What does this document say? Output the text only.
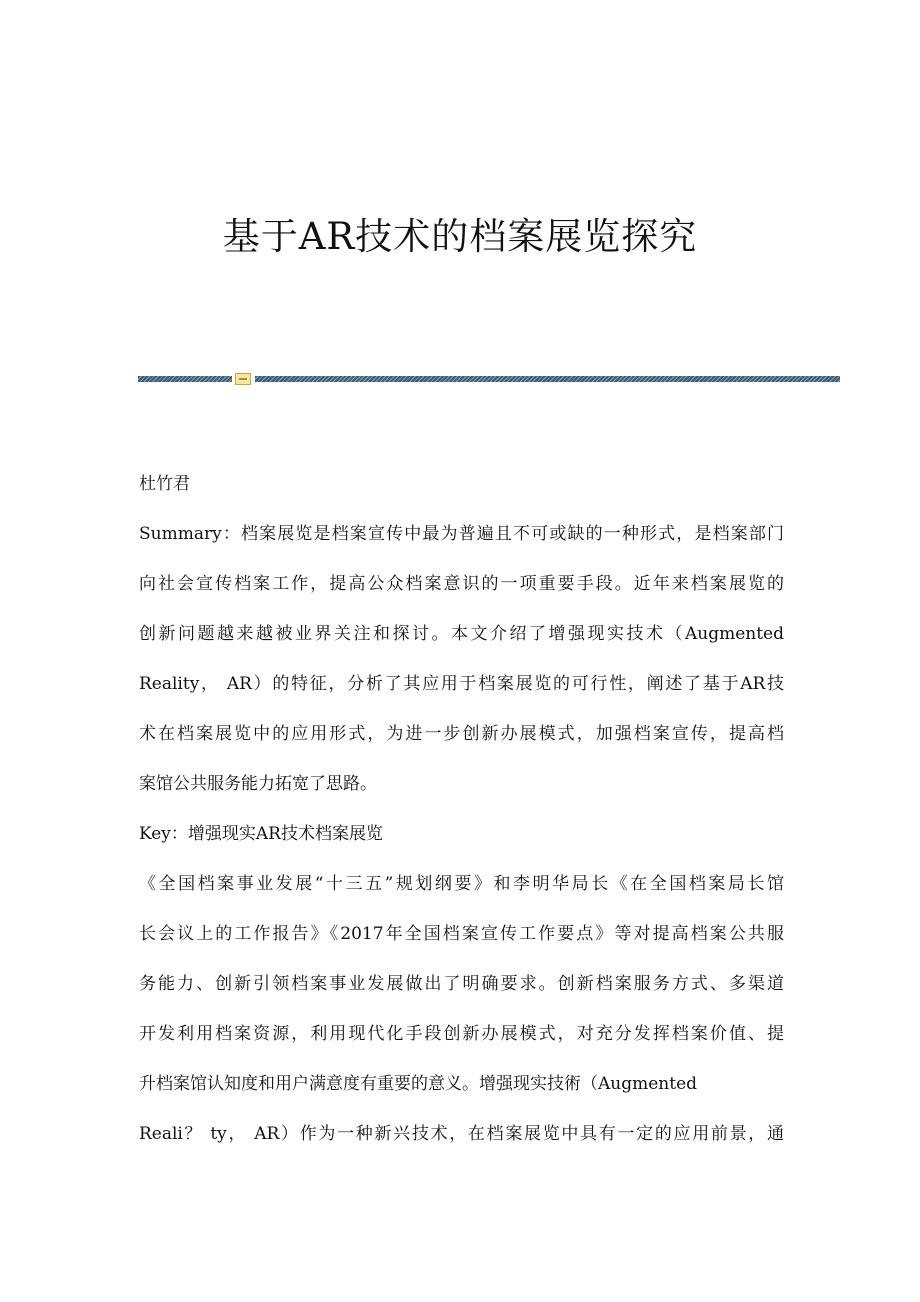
基于AR技术的档案展览探究
杜竹君
Summary：档案展览是档案宣传中最为普遍且不可或缺的一种形式，是档案部门
向社会宣传档案工作，提高公众档案意识的一项重要手段。近年来档案展览的
创新问题越来越被业界关注和探讨。本文介绍了增强现实技术（Augmented
Reality， AR）的特征，分析了其应用于档案展览的可行性，阐述了基于AR技
术在档案展览中的应用形式，为进一步创新办展模式，加强档案宣传，提高档
案馆公共服务能力拓宽了思路。
Key：增强现实AR技术档案展览
《全国档案事业发展“十三五”规划纲要》和李明华局长《在全国档案局长馆
长会议上的工作报告》《2017年全国档案宣传工作要点》等对提高档案公共服
务能力、创新引领档案事业发展做出了明确要求。创新档案服务方式、多渠道
开发利用档案资源，利用现代化手段创新办展模式，对充分发挥档案价值、提
升档案馆认知度和用户满意度有重要的意义。增强现实技術（Augmented
Reali？ ty， AR）作为一种新兴技术，在档案展览中具有一定的应用前景，通
